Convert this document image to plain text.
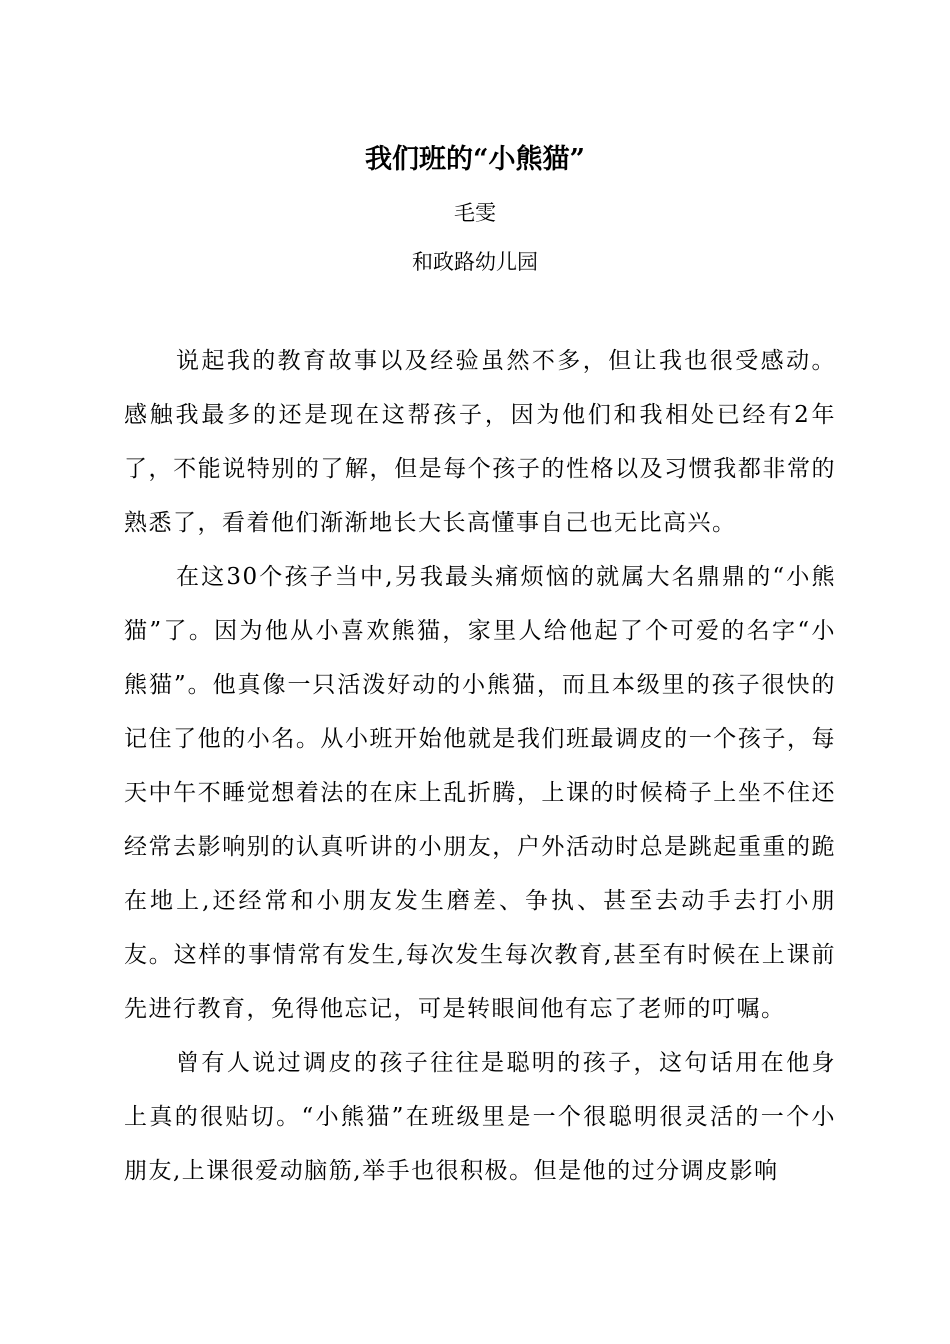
我们班的“小熊猫”
毛雯
和政路幼儿园

说起我的教育故事以及经验虽然不多，但让我也很受感动。感触我最多的还是现在这帮孩子，因为他们和我相处已经有2年了，不能说特别的了解，但是每个孩子的性格以及习惯我都非常的熟悉了，看着他们渐渐地长大长高懂事自己也无比高兴。

在这30个孩子当中,另我最头痛烦恼的就属大名鼎鼎的“小熊猫”了。因为他从小喜欢熊猫，家里人给他起了个可爱的名字“小熊猫”。他真像一只活泼好动的小熊猫，而且本级里的孩子很快的记住了他的小名。从小班开始他就是我们班最调皮的一个孩子，每天中午不睡觉想着法的在床上乱折腾，上课的时候椅子上坐不住还经常去影响别的认真听讲的小朋友，户外活动时总是跳起重重的跪在地上,还经常和小朋友发生磨差、争执、甚至去动手去打小朋友。这样的事情常有发生,每次发生每次教育,甚至有时候在上课前先进行教育，免得他忘记，可是转眼间他有忘了老师的叮嘱。

曾有人说过调皮的孩子往往是聪明的孩子，这句话用在他身上真的很贴切。“小熊猫”在班级里是一个很聪明很灵活的一个小朋友,上课很爱动脑筋,举手也很积极。但是他的过分调皮影响
